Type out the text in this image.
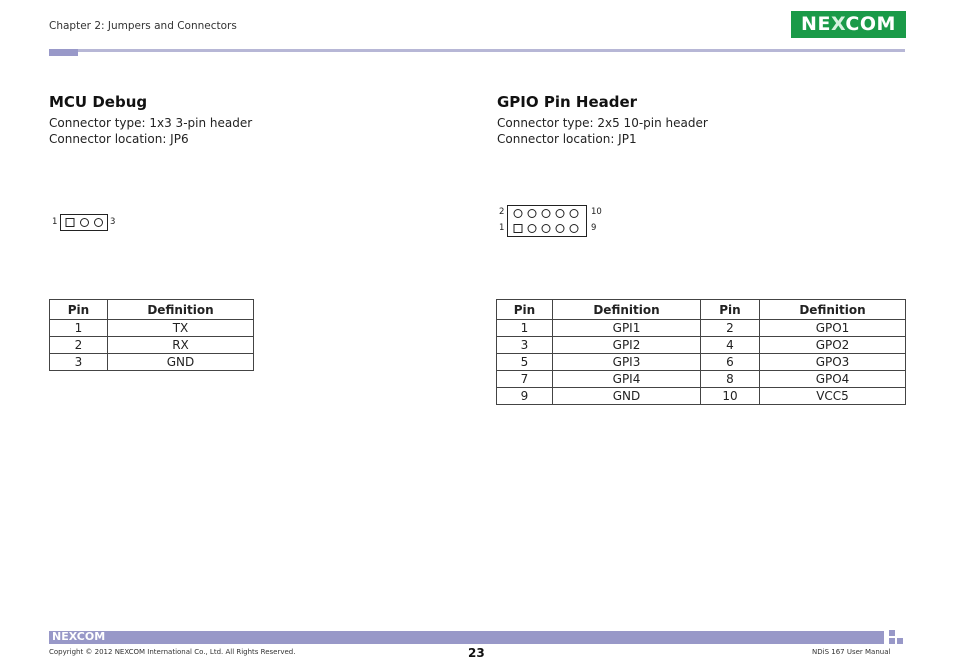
Chapter 2: Jumpers and Connectors	NEXCOM
MCU Debug
Connector type: 1x3 3-pin header
Connector location: JP6
1	3
Pin	Definition
1	TX
2	RX
3	GND
GPIO Pin Header
Connector type: 2x5 10-pin header
Connector location: JP1
2	10
1	9
Pin	Definition	Pin	Definition
1	GPI1	2	GPO1
3	GPI2	4	GPO2
5	GPI3	6	GPO3
7	GPI4	8	GPO4
9	GND	10	VCC5
NEXCOM
Copyright © 2012 NEXCOM International Co., Ltd. All Rights Reserved.	23	NDiS 167 User Manual
